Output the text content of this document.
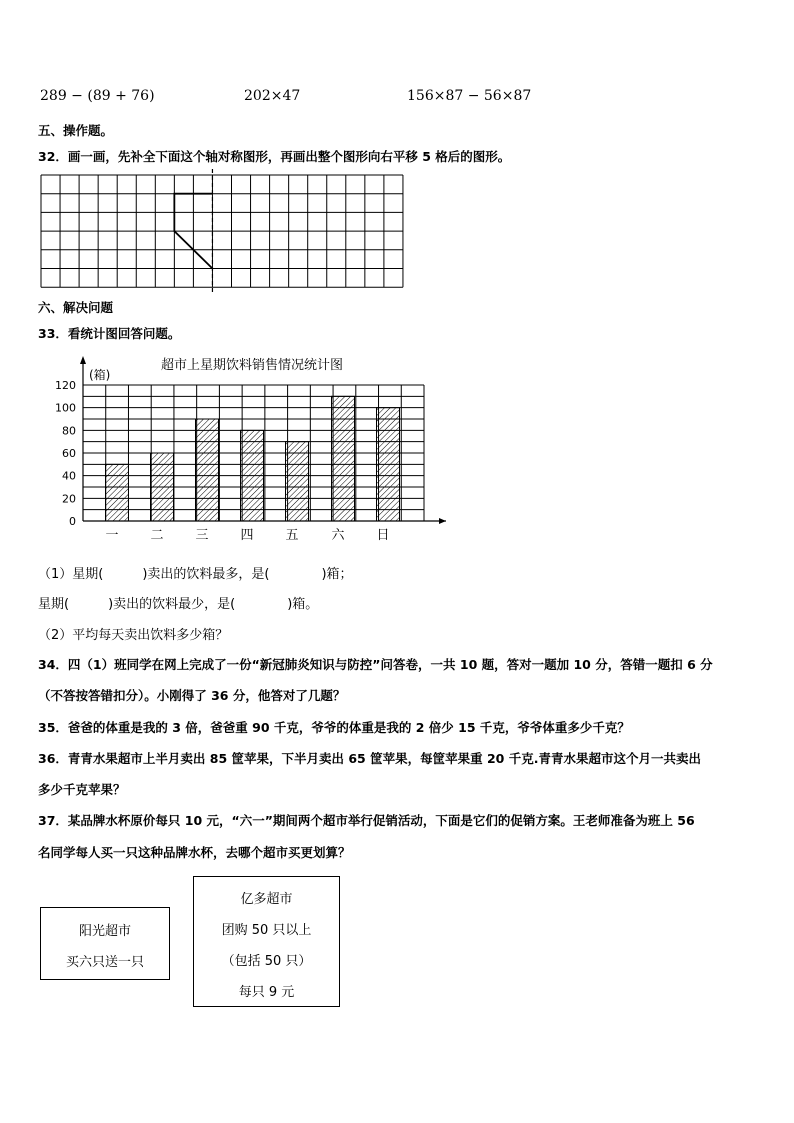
289 − (89 + 76)	202×47	156×87 − 56×87
五、操作题。
32．画一画，先补全下面这个轴对称图形，再画出整个图形向右平移 5 格后的图形。
六、解决问题
33．看统计图回答问题。
超市上星期饮料销售情况统计图
(箱)
0
20
40
60
80
100
120
一 二 三 四 五	六 日
（1）星期(　　　)卖出的饮料最多，是(　　　　)箱；
星期(　　　)卖出的饮料最少，是(　　　　)箱。
（2）平均每天卖出饮料多少箱？
34．四（1）班同学在网上完成了一份“新冠肺炎知识与防控”问答卷，一共 10 题，答对一题加 10 分，答错一题扣 6 分
（不答按答错扣分）。小刚得了 36 分，他答对了几题？
35．爸爸的体重是我的 3 倍，爸爸重 90 千克，爷爷的体重是我的 2 倍少 15 千克，爷爷体重多少千克？
36．青青水果超市上半月卖出 85 筐苹果，下半月卖出 65 筐苹果，每筐苹果重 20 千克.青青水果超市这个月一共卖出
多少千克苹果？
37．某品牌水杯原价每只 10 元，“六一”期间两个超市举行促销活动，下面是它们的促销方案。王老师准备为班上 56
名同学每人买一只这种品牌水杯，去哪个超市买更划算？
阳光超市
买六只送一只
亿多超市
团购 50 只以上
（包括 50 只）
每只 9 元
